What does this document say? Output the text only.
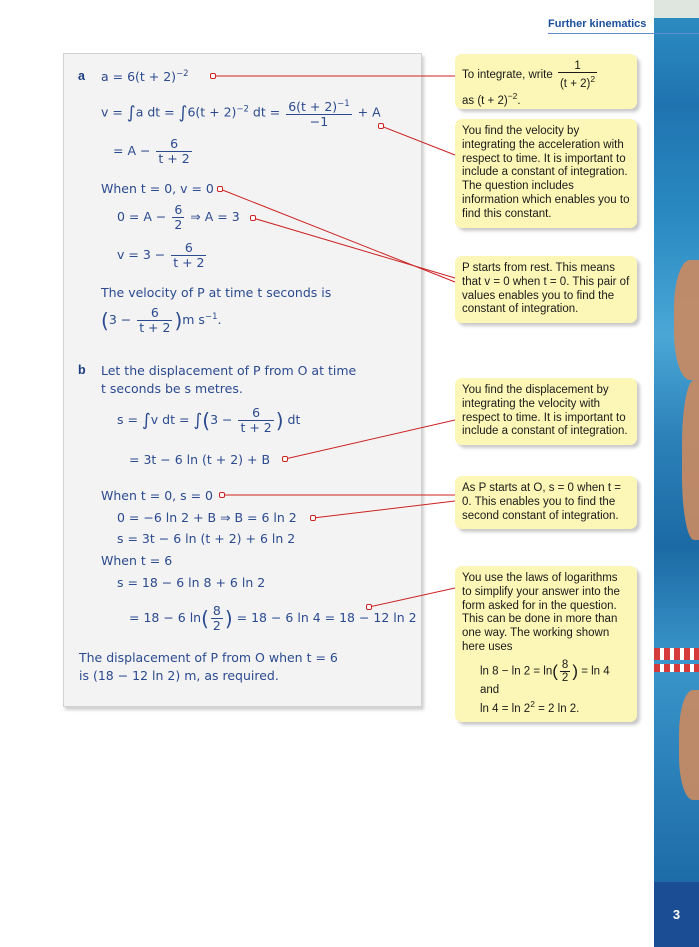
Further kinematics
a $a = 6(t + 2)^{-2}$
v = ∫a dt = $\int 6(t + 2)^{-2}$ dt = $\frac{6(t + 2)^{-1}}{-1} + A$
= $A - \frac{6}{t + 2}$
When t = 0, v = 0
$0 = A - \frac{6}{2}$ ⇒ A = 3
$v = 3 - \frac{6}{t + 2}$
The velocity of P at time t seconds is
$(3 - \frac{6}{t + 2} )m$ $s^{-1}$.
b Let the displacement of P from O at time
t seconds be s metres.
s = ∫v dt = $\int(3 - \frac{6}{t + 2}$ ) dt
= 3t − 6 ln (t + 2) + B
When t = 0, s = 0
0 = −6 ln 2 + B ⇒ B = 6 ln 2
s = 3t − 6 ln (t + 2) + 6 ln 2
When t = 6
s = 18 − 6 ln 8 + 6 ln 2
= 18 − 6 $\ln( \frac{8}{2}$ ) = 18 − 6 ln 4 = 18 − 12 ln 2
The displacement of P from O when t = 6
is (18 − 12 ln 2) m, as required.
To integrate, write $\frac{1}{(t + 2)^2}$

as $(t + 2)^{-2}$.
You find the velocity by integrating the acceleration with respect to time. It is important to include a constant of integration. The question includes information which enables you to find this constant.
P starts from rest. This means that v = 0 when t = 0. This pair of values enables you to find the constant of integration.
You find the displacement by integrating the velocity with respect to time. It is important to include a constant of integration.
As P starts at O, s = 0 when t = 0. This enables you to find the second constant of integration.
You use the laws of logarithms to simplify your answer into the form asked for in the question. This can be done in more than one way. The working shown here uses
$\ln 8 - \ln 2 = \ln( \frac{8}{2}$ ) = ln 4
and
$\ln 4 = \ln 2^2 = 2$ ln 2.
3
